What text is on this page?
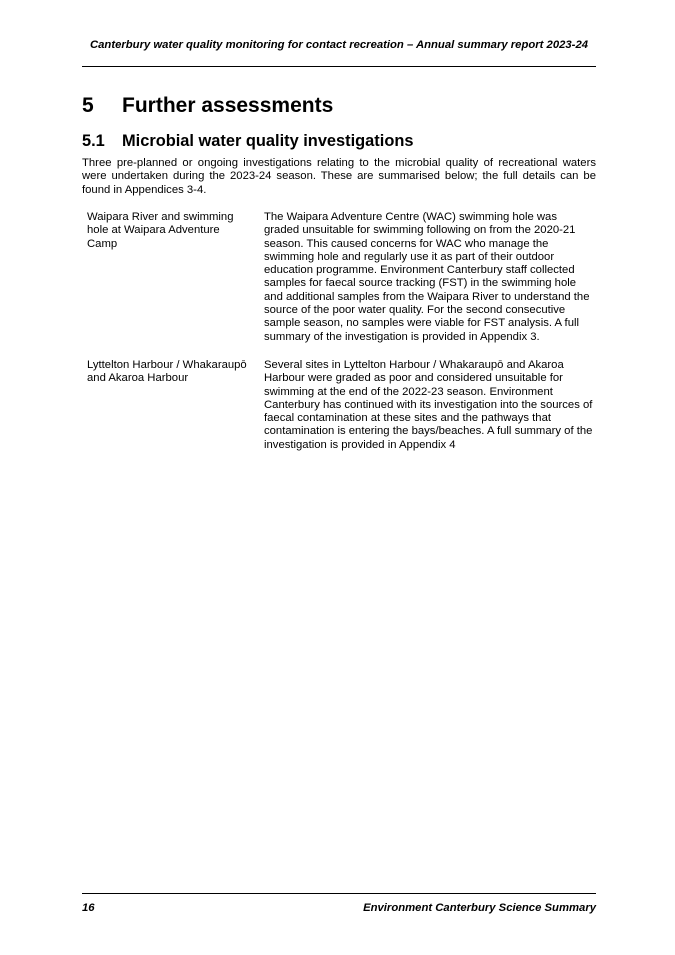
Canterbury water quality monitoring for contact recreation – Annual summary report 2023-24
5 Further assessments
5.1 Microbial water quality investigations

Three pre-planned or ongoing investigations relating to the microbial quality of recreational waters were undertaken during the 2023-24 season. These are summarised below; the full details can be found in Appendices 3-4.

Waipara River and swimming hole at Waipara Adventure Camp
The Waipara Adventure Centre (WAC) swimming hole was graded unsuitable for swimming following on from the 2020-21 season. This caused concerns for WAC who manage the swimming hole and regularly use it as part of their outdoor education programme. Environment Canterbury staff collected samples for faecal source tracking (FST) in the swimming hole and additional samples from the Waipara River to understand the source of the poor water quality. For the second consecutive sample season, no samples were viable for FST analysis. A full summary of the investigation is provided in Appendix 3.
Lyttelton Harbour / Whakaraupō and Akaroa Harbour
Several sites in Lyttelton Harbour / Whakaraupō and Akaroa Harbour were graded as poor and considered unsuitable for swimming at the end of the 2022-23 season. Environment Canterbury has continued with its investigation into the sources of faecal contamination at these sites and the pathways that contamination is entering the bays/beaches. A full summary of the investigation is provided in Appendix 4
16	Environment Canterbury Science Summary
